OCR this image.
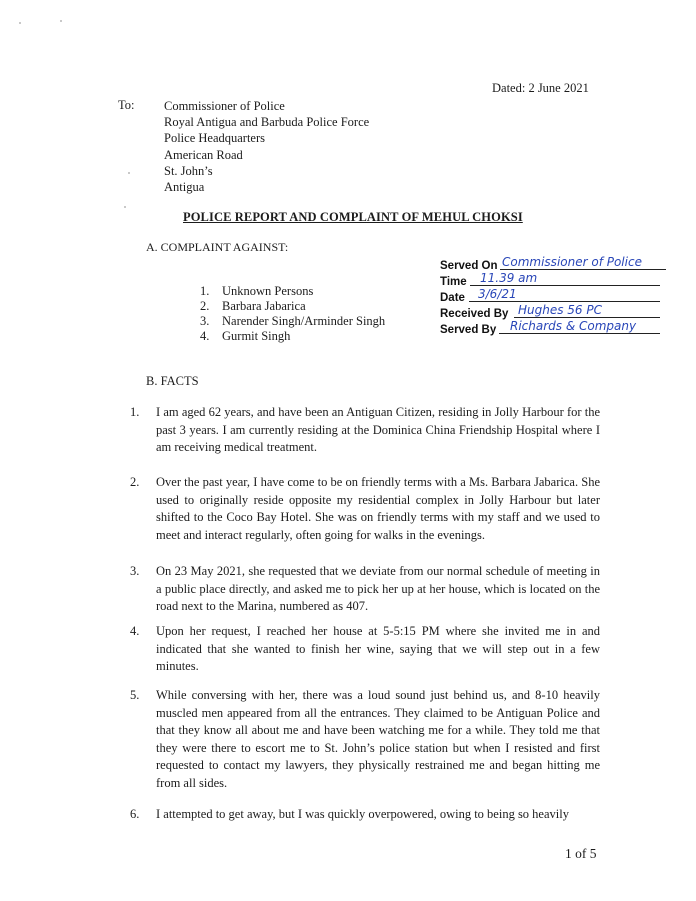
Dated: 2 June 2021
To: Commissioner of Police
Royal Antigua and Barbuda Police Force
Police Headquarters
American Road
St. John’s
Antigua
POLICE REPORT AND COMPLAINT OF MEHUL CHOKSI
A. COMPLAINT AGAINST:
1. Unknown Persons
2. Barbara Jabarica
3. Narender Singh/Arminder Singh
4. Gurmit Singh
Served On Commissioner of Police
Time 11.39 am
Date 3/6/21
Received By Hughes 56 PC
Served By Richards & Company
B. FACTS
1. I am aged 62 years, and have been an Antiguan Citizen, residing in Jolly Harbour for the past 3 years. I am currently residing at the Dominica China Friendship Hospital where I am receiving medical treatment.
2. Over the past year, I have come to be on friendly terms with a Ms. Barbara Jabarica. She used to originally reside opposite my residential complex in Jolly Harbour but later shifted to the Coco Bay Hotel. She was on friendly terms with my staff and we used to meet and interact regularly, often going for walks in the evenings.
3. On 23 May 2021, she requested that we deviate from our normal schedule of meeting in a public place directly, and asked me to pick her up at her house, which is located on the road next to the Marina, numbered as 407.
4. Upon her request, I reached her house at 5-5:15 PM where she invited me in and indicated that she wanted to finish her wine, saying that we will step out in a few minutes.
5. While conversing with her, there was a loud sound just behind us, and 8-10 heavily muscled men appeared from all the entrances. They claimed to be Antiguan Police and that they know all about me and have been watching me for a while. They told me that they were there to escort me to St. John’s police station but when I resisted and first requested to contact my lawyers, they physically restrained me and began hitting me from all sides.
6. I attempted to get away, but I was quickly overpowered, owing to being so heavily
1 of 5
